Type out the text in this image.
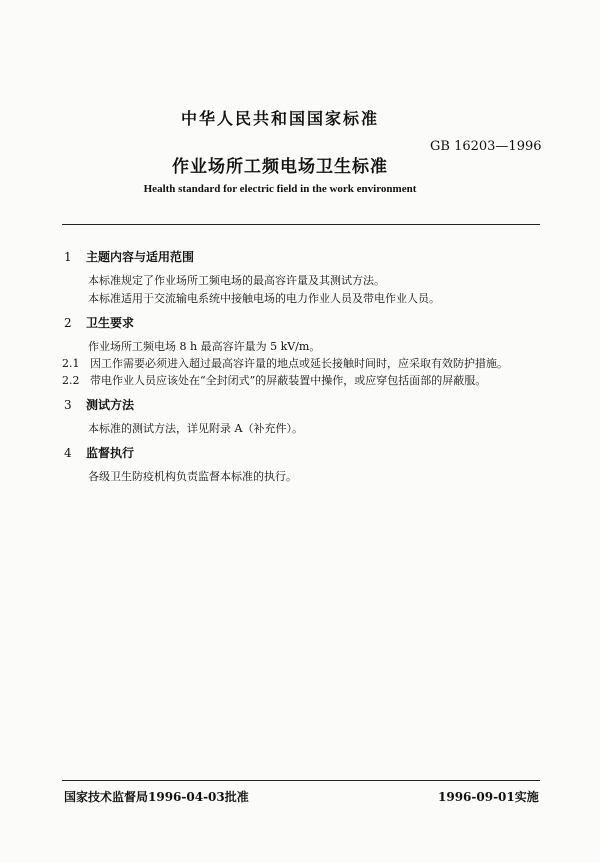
中华人民共和国国家标准
GB 16203—1996
作业场所工频电场卫生标准
Health standard for electric field in the work environment
1 主题内容与适用范围
本标准规定了作业场所工频电场的最高容许量及其测试方法。
本标准适用于交流输电系统中接触电场的电力作业人员及带电作业人员。
2 卫生要求
作业场所工频电场 8 h 最高容许量为 5 kV/m。
2.1 因工作需要必须进入超过最高容许量的地点或延长接触时间时，应采取有效防护措施。
2.2 带电作业人员应该处在“全封闭式”的屏蔽装置中操作，或应穿包括面部的屏蔽服。
3 测试方法
本标准的测试方法，详见附录 A（补充件）。
4 监督执行
各级卫生防疫机构负责监督本标准的执行。
国家技术监督局1996-04-03批准	1996-09-01实施
